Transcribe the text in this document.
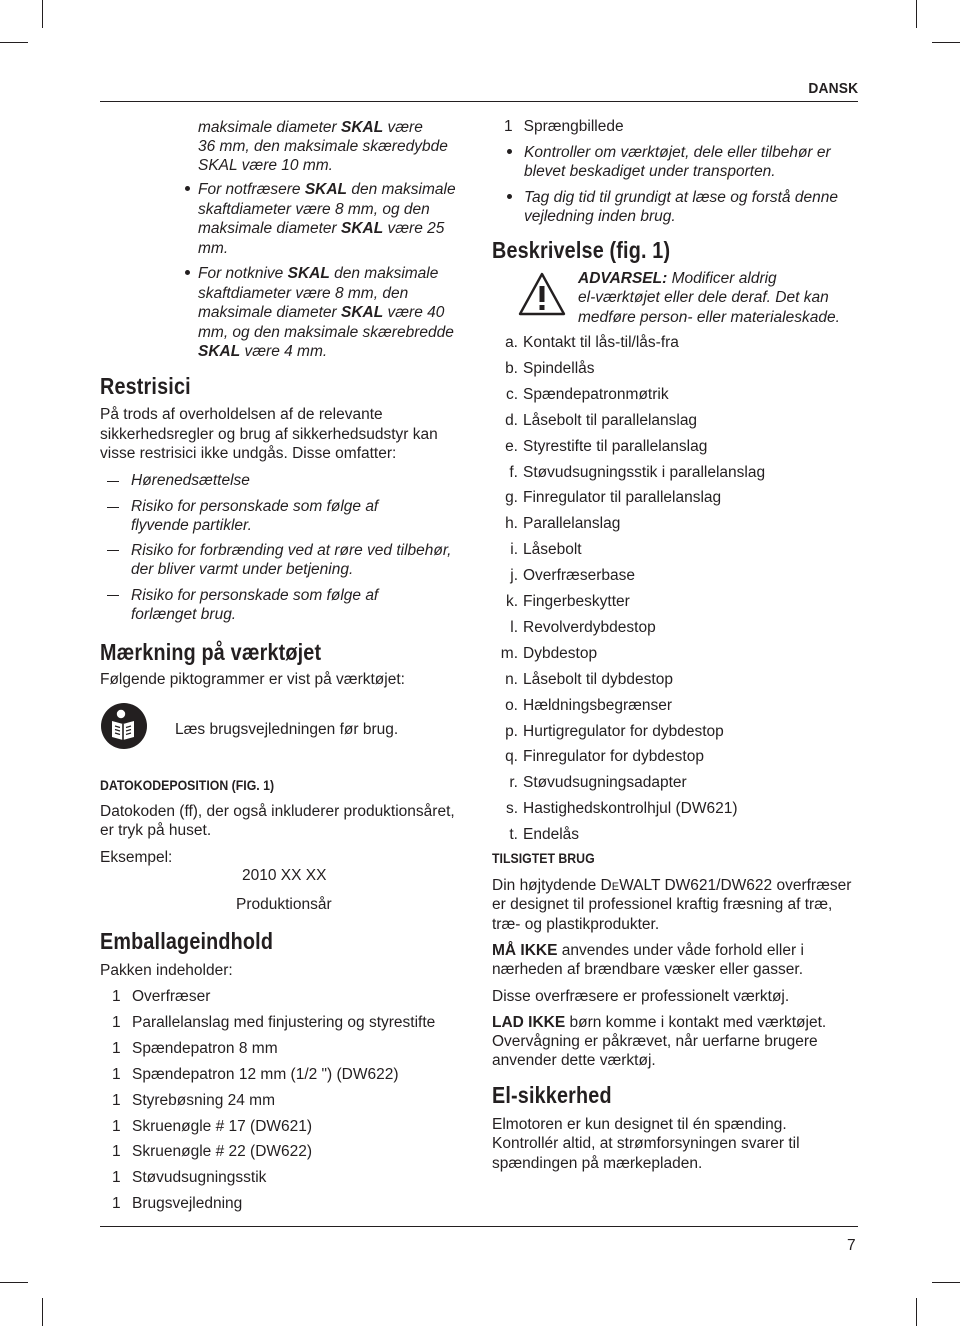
DANSK
maksimale diameter SKAL være
36 mm, den maksimale skæredybde
SKAL være 10 mm.
For notfræsere SKAL den maksimale
skaftdiameter være 8 mm, og den
maksimale diameter SKAL være 25
mm.
For notknive SKAL den maksimale
skaftdiameter være 8 mm, den
maksimale diameter SKAL være 40
mm, og den maksimale skærebredde
SKAL være 4 mm.
Restrisici
På trods af overholdelsen af de relevante
sikkerhedsregler og brug af sikkerhedsudstyr kan
visse restrisici ikke undgås. Disse omfatter:
Hørenedsættelse
Risiko for personskade som følge af
flyvende partikler.
Risiko for forbrænding ved at røre ved tilbehør,
der bliver varmt under betjening.
Risiko for personskade som følge af
forlænget brug.
Mærkning på værktøjet
Følgende piktogrammer er vist på værktøjet:
Læs brugsvejledningen før brug.
DATOKODEPOSITION (FIG. 1)
Datokoden (ff), der også inkluderer produktionsåret,
er tryk på huset.
Eksempel:
2010 XX XX
Produktionsår
Emballageindhold
Pakken indeholder:
1 Overfræser
1 Parallelanslag med finjustering og styrestifte
1 Spændepatron 8 mm
1 Spændepatron 12 mm (1/2 ") (DW622)
1 Styrebøsning 24 mm
1 Skruenøgle # 17 (DW621)
1 Skruenøgle # 22 (DW622)
1 Støvudsugningsstik
1 Brugsvejledning
1 Sprængbillede
Kontroller om værktøjet, dele eller tilbehør er
blevet beskadiget under transporten.
Tag dig tid til grundigt at læse og forstå denne
vejledning inden brug.
Beskrivelse (fig. 1)
ADVARSEL: Modificer aldrig
el-værktøjet eller dele deraf. Det kan
medføre person- eller materialeskade.
a. Kontakt til lås-til/lås-fra
b. Spindellås
c. Spændepatronmøtrik
d. Låsebolt til parallelanslag
e. Styrestifte til parallelanslag
f. Støvudsugningsstik i parallelanslag
g. Finregulator til parallelanslag
h. Parallelanslag
i. Låsebolt
j. Overfræserbase
k. Fingerbeskytter
l. Revolverdybdestop
m. Dybdestop
n. Låsebolt til dybdestop
o. Hældningsbegrænser
p. Hurtigregulator for dybdestop
q. Finregulator for dybdestop
r. Støvudsugningsadapter
s. Hastighedskontrolhjul (DW621)
t. Endelås
TILSIGTET BRUG
Din højtydende DEWALT DW621/DW622 overfræser
er designet til professionel kraftig fræsning af træ,
træ- og plastikprodukter.
MÅ IKKE anvendes under våde forhold eller i
nærheden af brændbare væsker eller gasser.
Disse overfræsere er professionelt værktøj.
LAD IKKE børn komme i kontakt med værktøjet.
Overvågning er påkrævet, når uerfarne brugere
anvender dette værktøj.
El-sikkerhed
Elmotoren er kun designet til én spænding.
Kontrollér altid, at strømforsyningen svarer til
spændingen på mærkepladen.
7
